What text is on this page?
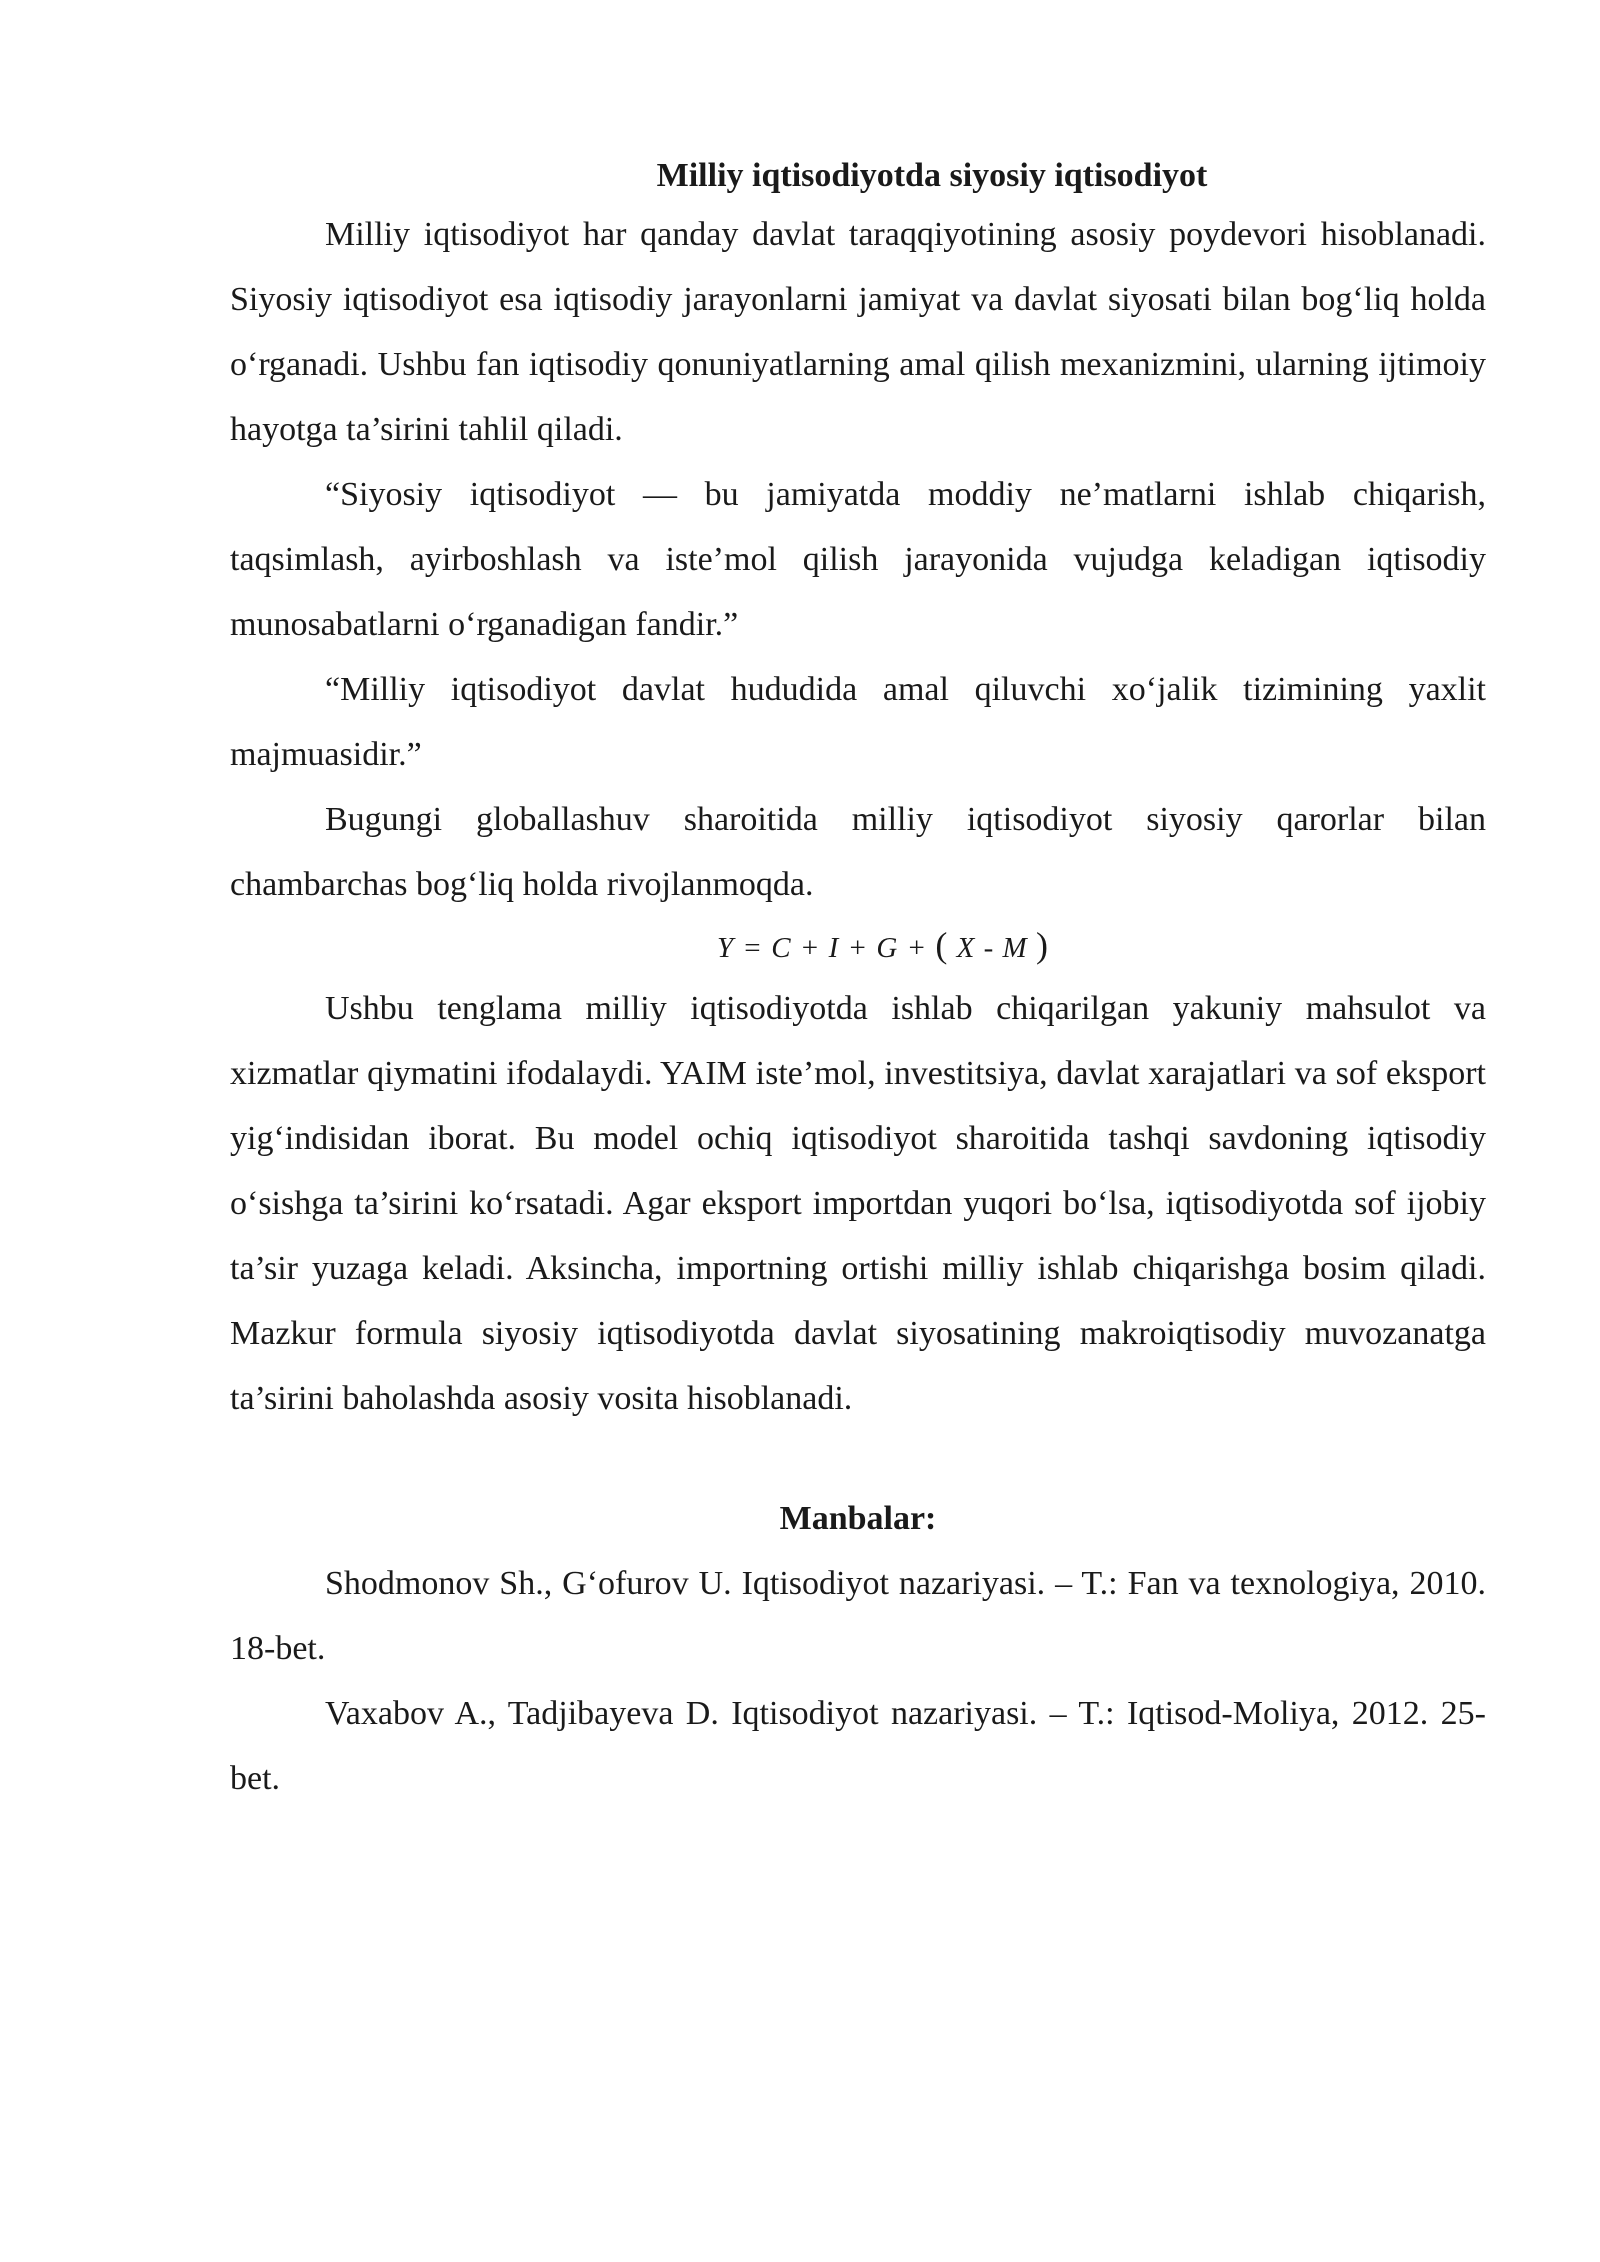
Milliy iqtisodiyotda siyosiy iqtisodiyot

Milliy iqtisodiyot har qanday davlat taraqqiyotining asosiy poydevori hisoblanadi. Siyosiy iqtisodiyot esa iqtisodiy jarayonlarni jamiyat va davlat siyosati bilan bog‘liq holda o‘rganadi. Ushbu fan iqtisodiy qonuniyatlarning amal qilish mexanizmini, ularning ijtimoiy hayotga ta’sirini tahlil qiladi.

“Siyosiy iqtisodiyot — bu jamiyatda moddiy ne’matlarni ishlab chiqarish, taqsimlash, ayirboshlash va iste’mol qilish jarayonida vujudga keladigan iqtisodiy munosabatlarni o‘rganadigan fandir.”

“Milliy iqtisodiyot davlat hududida amal qiluvchi xo‘jalik tizimining yaxlit majmuasidir.”

Bugungi globallashuv sharoitida milliy iqtisodiyot siyosiy qarorlar bilan chambarchas bog‘liq holda rivojlanmoqda.

Y = C + I + G + ( X - M )

Ushbu tenglama milliy iqtisodiyotda ishlab chiqarilgan yakuniy mahsulot va xizmatlar qiymatini ifodalaydi. YAIM iste’mol, investitsiya, davlat xarajatlari va sof eksport yig‘indisidan iborat. Bu model ochiq iqtisodiyot sharoitida tashqi savdoning iqtisodiy o‘sishga ta’sirini ko‘rsatadi. Agar eksport importdan yuqori bo‘lsa, iqtisodiyotda sof ijobiy ta’sir yuzaga keladi. Aksincha, importning ortishi milliy ishlab chiqarishga bosim qiladi. Mazkur formula siyosiy iqtisodiyotda davlat siyosatining makroiqtisodiy muvozanatga ta’sirini baholashda asosiy vosita hisoblanadi.

Manbalar:

Shodmonov Sh., G‘ofurov U. Iqtisodiyot nazariyasi. – T.: Fan va texnologiya, 2010. 18-bet.

Vaxabov A., Tadjibayeva D. Iqtisodiyot nazariyasi. – T.: Iqtisod-Moliya, 2012. 25-bet.
